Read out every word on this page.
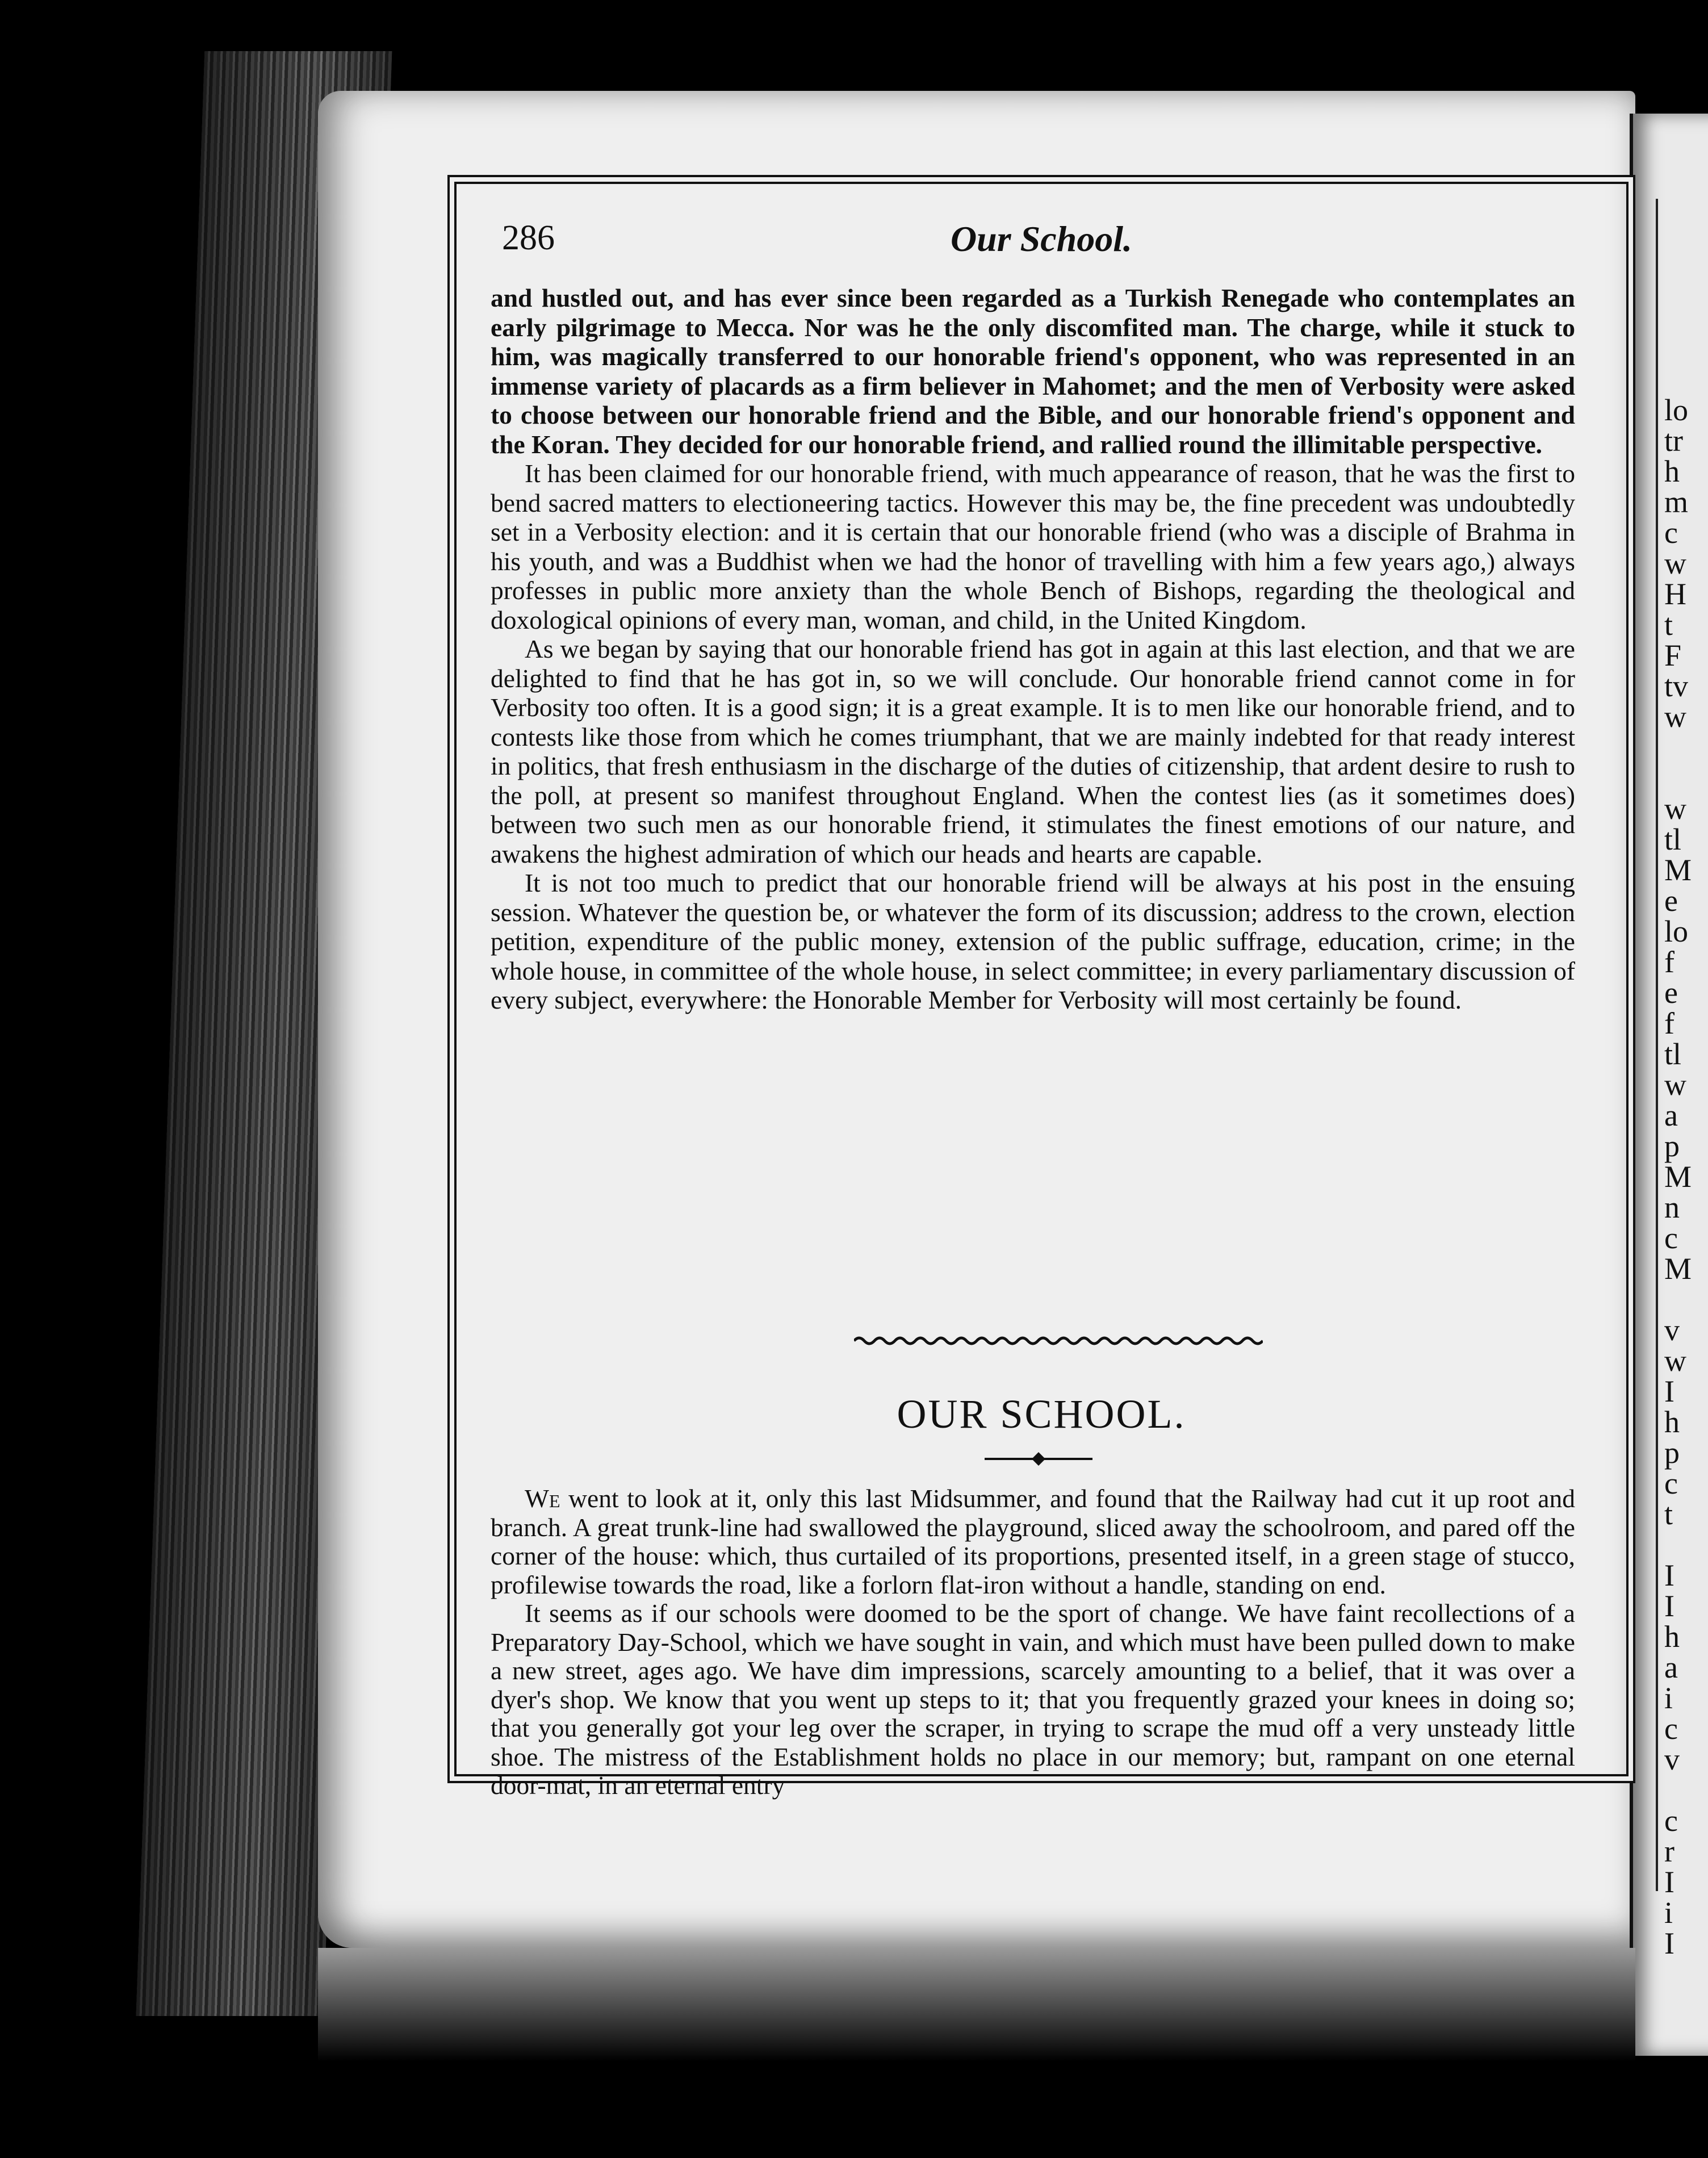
lo
tr
h
m
c
w
H
t
F
tv
w
w
tl
M
e
lo
f
e
f
tl
w
a
p
M
n
c
M
v
w
I
h
p
c
t
I
I
h
a
i
c
v
c
r
I
i
I
286	Our School.

and hustled out, and has ever since been regarded as a Turkish Renegade who contemplates an early pilgrimage to Mecca. Nor was he the only discomfited man. The charge, while it stuck to him, was magically transferred to our honorable friend's opponent, who was represented in an immense variety of placards as a firm believer in Mahomet; and the men of Verbosity were asked to choose between our honorable friend and the Bible, and our honorable friend's opponent and the Koran. They decided for our honorable friend, and rallied round the illimitable perspective.

It has been claimed for our honorable friend, with much appearance of reason, that he was the first to bend sacred matters to electioneering tactics. However this may be, the fine precedent was undoubtedly set in a Verbosity election: and it is certain that our honorable friend (who was a disciple of Brahma in his youth, and was a Buddhist when we had the honor of travelling with him a few years ago,) always professes in public more anxiety than the whole Bench of Bishops, regarding the theological and doxological opinions of every man, woman, and child, in the United Kingdom.

As we began by saying that our honorable friend has got in again at this last election, and that we are delighted to find that he has got in, so we will conclude. Our honorable friend cannot come in for Verbosity too often. It is a good sign; it is a great example. It is to men like our honorable friend, and to contests like those from which he comes triumphant, that we are mainly indebted for that ready interest in politics, that fresh enthusiasm in the discharge of the duties of citizenship, that ardent desire to rush to the poll, at present so manifest throughout England. When the contest lies (as it sometimes does) between two such men as our honorable friend, it stimulates the finest emotions of our nature, and awakens the highest admiration of which our heads and hearts are capable.

It is not too much to predict that our honorable friend will be always at his post in the ensuing session. Whatever the question be, or whatever the form of its discussion; address to the crown, election petition, expenditure of the public money, extension of the public suffrage, education, crime; in the whole house, in committee of the whole house, in select committee; in every parliamentary discussion of every subject, everywhere: the Honorable Member for Verbosity will most certainly be found.

OUR SCHOOL.

We went to look at it, only this last Midsummer, and found that the Railway had cut it up root and branch. A great trunk-line had swallowed the playground, sliced away the schoolroom, and pared off the corner of the house: which, thus curtailed of its proportions, presented itself, in a green stage of stucco, profilewise towards the road, like a forlorn flat-iron without a handle, standing on end.

It seems as if our schools were doomed to be the sport of change. We have faint recollections of a Preparatory Day-School, which we have sought in vain, and which must have been pulled down to make a new street, ages ago. We have dim impressions, scarcely amounting to a belief, that it was over a dyer's shop. We know that you went up steps to it; that you frequently grazed your knees in doing so; that you generally got your leg over the scraper, in trying to scrape the mud off a very unsteady little shoe. The mistress of the Establishment holds no place in our memory; but, rampant on one eternal door-mat, in an eternal entry
